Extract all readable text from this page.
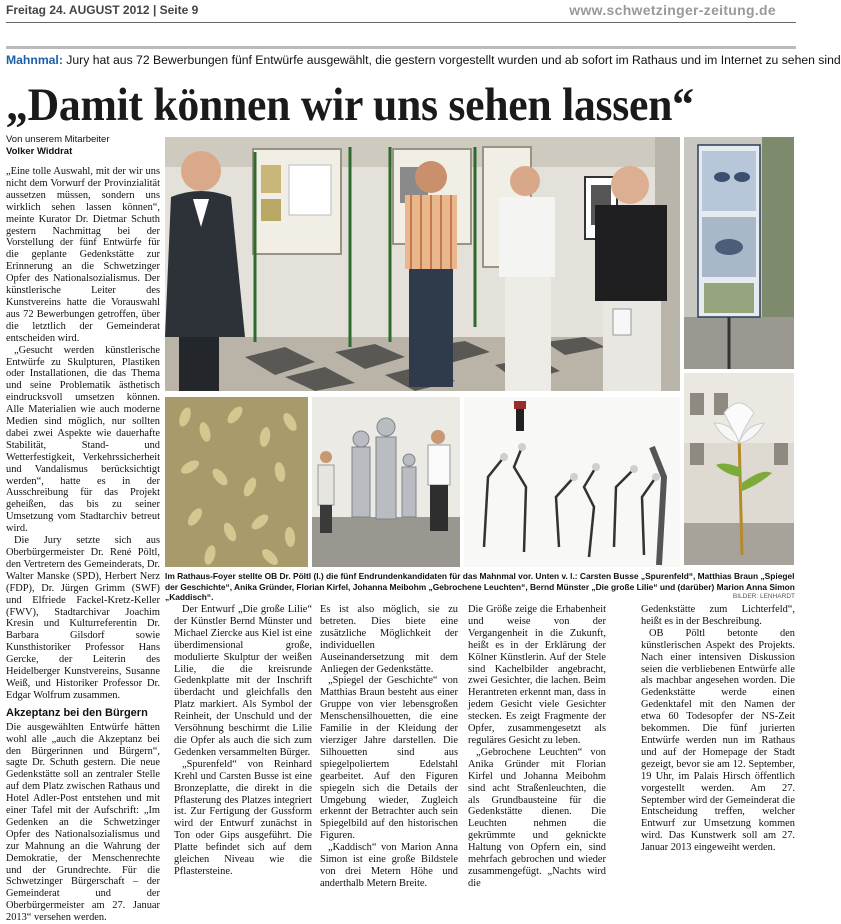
Freitag 24. AUGUST 2012 | Seite 9	www.schwetzinger-zeitung.de
Mahnmal: Jury hat aus 72 Bewerbungen fünf Entwürfe ausgewählt, die gestern vorgestellt wurden und ab sofort im Rathaus und im Internet zu sehen sind
„Damit können wir uns sehen lassen“
Von unserem Mitarbeiter
Volker Widdrat

„Eine tolle Auswahl, mit der wir uns nicht dem Vorwurf der Provinzialität aussetzen müssen, sondern uns wirklich sehen lassen können“, meinte Kurator Dr. Dietmar Schuth gestern Nachmittag bei der Vorstellung der fünf Entwürfe für die geplante Gedenkstätte zur Erinnerung an die Schwetzinger Opfer des Nationalsozialismus. Der künstlerische Leiter des Kunstvereins hatte die Vorauswahl aus 72 Bewerbungen getroffen, über die letztlich der Gemeinderat entscheiden wird.

„Gesucht werden künstlerische Entwürfe zu Skulpturen, Plastiken oder Installationen, die das Thema und seine Problematik ästhetisch eindrucksvoll umsetzen können. Alle Materialien wie auch moderne Medien sind möglich, nur sollten dabei zwei Aspekte wie dauerhafte Stabilität, Stand- und Wetterfestigkeit, Verkehrssicherheit und Vandalismus berücksichtigt werden“, hatte es in der Ausschreibung für das Projekt geheißen, das bis zu seiner Umsetzung vom Stadtarchiv betreut wird.

Die Jury setzte sich aus Oberbürgermeister Dr. René Pöltl, den Vertretern des Gemeinderats, Dr. Walter Manske (SPD), Herbert Nerz (FDP), Dr. Jürgen Grimm (SWF) und Elfriede Fackel-Kretz-Keller (FWV), Stadtarchivar Joachim Kresin und Kulturreferentin Dr. Barbara Gilsdorf sowie Kunsthistoriker Professor Hans Gercke, der Leiterin des Heidelberger Kunstvereins, Susanne Weiß, und Historiker Professor Dr. Edgar Wolfrum zusammen.

Akzeptanz bei den Bürgern

Die ausgewählten Entwürfe hätten wohl alle „auch die Akzeptanz bei den Bürgerinnen und Bürgern“, sagte Dr. Schuth gestern. Die neue Gedenkstätte soll an zentraler Stelle auf dem Platz zwischen Rathaus und Hotel Adler-Post entstehen und mit einer Tafel mit der Aufschrift: „Im Gedenken an die Schwetzinger Opfer des Nationalsozialismus und zur Mahnung an die Wahrung der Demokratie, der Menschenrechte und der Grundrechte. Für die Schwetzinger Bürgerschaft – der Gemeinderat und der Oberbürgermeister am 27. Januar 2013“ versehen werden.

Im Rathaus-Foyer stellte OB Dr. Pöltl (l.) die fünf Endrundenkandidaten für das Mahnmal vor. Unten v. l.: Carsten Busse „Spurenfeld“, Matthias Braun „Spiegel der Geschichte“, Anika Gründer, Florian Kirfel, Johanna Meibohm „Gebrochene Leuchten“, Bernd Münster „Die große Lilie“ und (darüber) Marion Anna Simon „Kaddisch“.	BILDER: LENHARDT

Der Entwurf „Die große Lilie“ der Künstler Bernd Münster und Michael Ziercke aus Kiel ist eine überdimensional große, modulierte Skulptur der weißen Lilie, die die kreisrunde Gedenkplatte mit der Inschrift überdacht und gleichfalls den Platz markiert. Als Symbol der Reinheit, der Unschuld und der Versöhnung beschirmt die Lilie die Opfer als auch die sich zum Gedenken versammelten Bürger.

„Spurenfeld“ von Reinhard Krehl und Carsten Busse ist eine Bronzeplatte, die direkt in die Pflasterung des Platzes integriert ist. Zur Fertigung der Gussform wird der Entwurf zunächst in Ton oder Gips ausgeführt. Die Platte befindet sich auf dem gleichen Niveau wie die Pflastersteine.

Es ist also möglich, sie zu betreten. Dies biete eine zusätzliche Möglichkeit der individuellen Auseinandersetzung mit dem Anliegen der Gedenkstätte.

„Spiegel der Geschichte“ von Matthias Braun besteht aus einer Gruppe von vier lebensgroßen Menschensilhouetten, die eine Familie in der Kleidung der vierziger Jahre darstellen. Die Silhouetten sind aus spiegelpoliertem Edelstahl gearbeitet. Auf den Figuren spiegeln sich die Details der Umgebung wieder, Zugleich erkennt der Betrachter auch sein Spiegelbild auf den historischen Figuren.

„Kaddisch“ von Marion Anna Simon ist eine große Bildstele von drei Metern Höhe und anderthalb Metern Breite.

Die Größe zeige die Erhabenheit und weise von der Vergangenheit in die Zukunft, heißt es in der Erklärung der Kölner Künstlerin. Auf der Stele sind Kachelbilder angebracht, zwei Gesichter, die lachen. Beim Herantreten erkennt man, dass in jedem Gesicht viele Gesichter stecken. Es zeigt Fragmente der Opfer, zusammengesetzt als reguläres Gesicht zu leben.

„Gebrochene Leuchten“ von Anika Gründer mit Florian Kirfel und Johanna Meibohm sind acht Straßenleuchten, die als Grundbausteine für die Gedenkstätte dienen. Die Leuchten nehmen die gekrümmte und geknickte Haltung von Opfern ein, sind mehrfach gebrochen und wieder zusammengefügt. „Nachts wird die

Gedenkstätte zum Lichterfeld“, heißt es in der Beschreibung.

OB Pöltl betonte den künstlerischen Aspekt des Projekts. Nach einer intensiven Diskussion seien die verbliebenen Entwürfe alle als machbar angesehen worden. Die Gedenkstätte werde einen Gedenktafel mit den Namen der etwa 60 Todesopfer der NS-Zeit bekommen. Die fünf jurierten Entwürfe werden nun im Rathaus und auf der Homepage der Stadt gezeigt, bevor sie am 12. September, 19 Uhr, im Palais Hirsch öffentlich vorgestellt werden. Am 27. September wird der Gemeinderat die Entscheidung treffen, welcher Entwurf zur Umsetzung kommen wird. Das Kunstwerk soll am 27. Januar 2013 eingeweiht werden.
